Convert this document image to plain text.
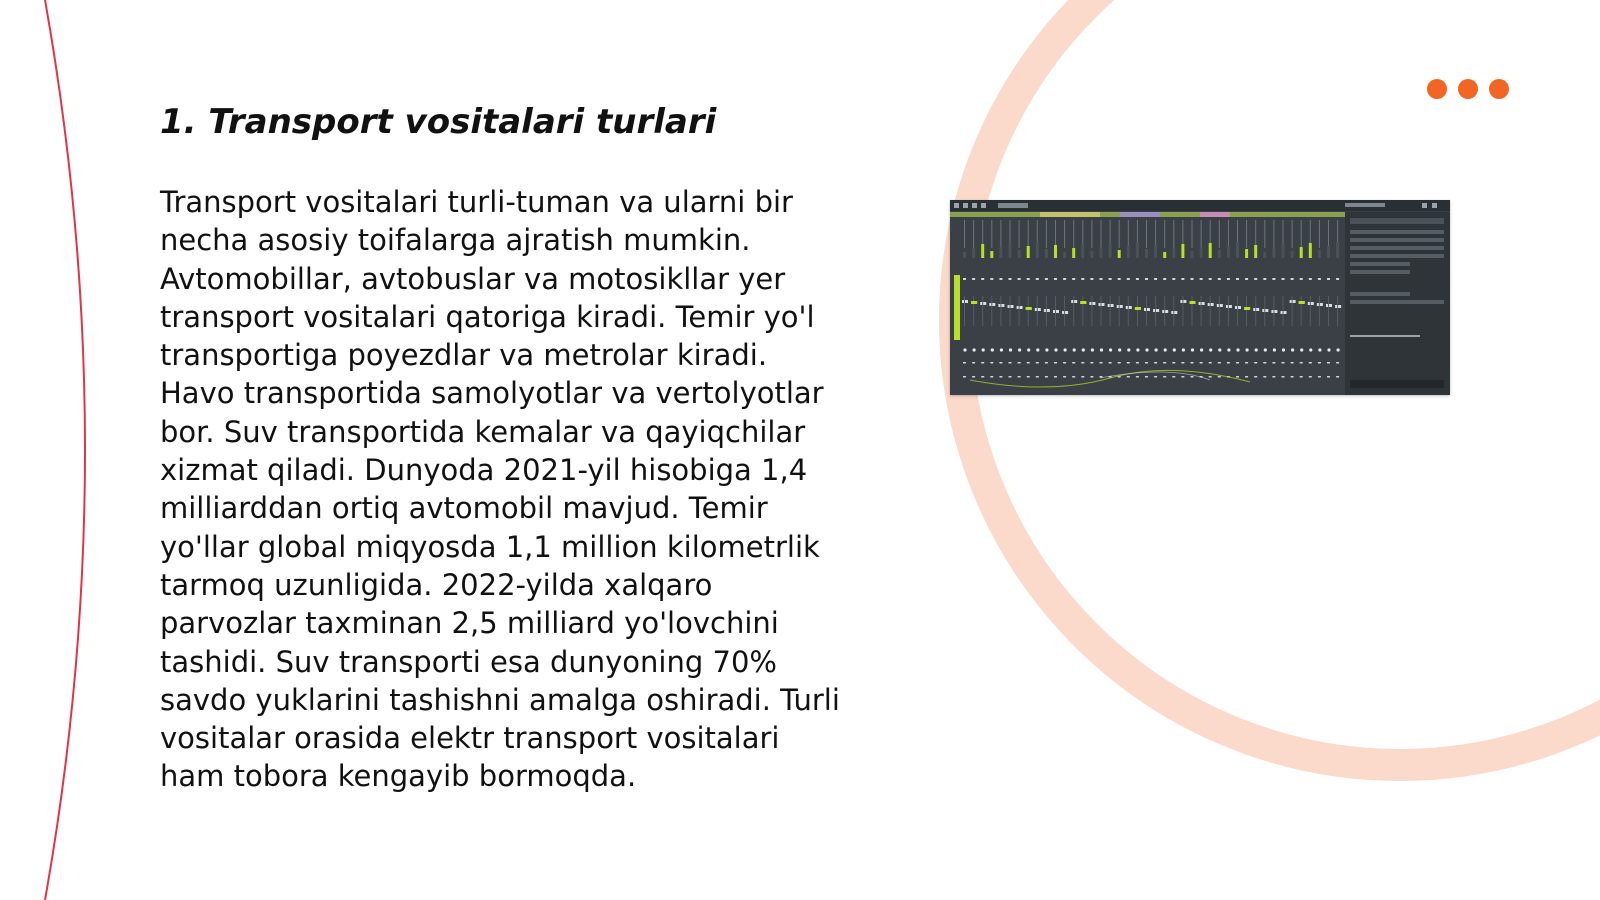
1. Transport vositalari turlari

Transport vositalari turli-tuman va ularni bir necha asosiy toifalarga ajratish mumkin. Avtomobillar, avtobuslar va motosikllar yer transport vositalari qatoriga kiradi. Temir yo'l transportiga poyezdlar va metrolar kiradi. Havo transportida samolyotlar va vertolyotlar bor. Suv transportida kemalar va qayiqchilar xizmat qiladi. Dunyoda 2021-yil hisobiga 1,4 milliarddan ortiq avtomobil mavjud. Temir yo'llar global miqyosda 1,1 million kilometrlik tarmoq uzunligida. 2022-yilda xalqaro parvozlar taxminan 2,5 milliard yo'lovchini tashidi. Suv transporti esa dunyoning 70% savdo yuklarini tashishni amalga oshiradi. Turli vositalar orasida elektr transport vositalari ham tobora kengayib bormoqda.
